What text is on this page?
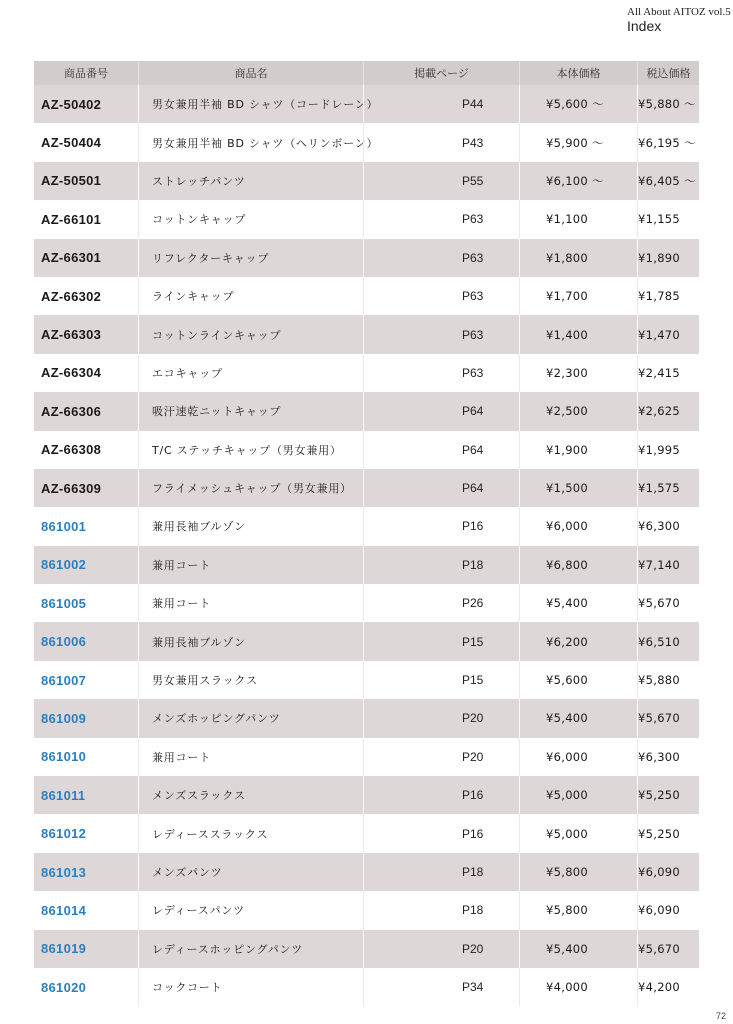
All About AITOZ vol.5
Index
商品番号	商品名	掲載ページ	本体価格	税込価格
AZ-50402	男女兼用半袖 BD シャツ（コードレーン）	P44	¥5,600 ～	¥5,880 ～
AZ-50404	男女兼用半袖 BD シャツ（ヘリンボーン）	P43	¥5,900 ～	¥6,195 ～
AZ-50501	ストレッチパンツ	P55	¥6,100 ～	¥6,405 ～
AZ-66101	コットンキャップ	P63	¥1,100	¥1,155
AZ-66301	リフレクターキャップ	P63	¥1,800	¥1,890
AZ-66302	ラインキャップ	P63	¥1,700	¥1,785
AZ-66303	コットンラインキャップ	P63	¥1,400	¥1,470
AZ-66304	エコキャップ	P63	¥2,300	¥2,415
AZ-66306	吸汗速乾ニットキャップ	P64	¥2,500	¥2,625
AZ-66308	T/C ステッチキャップ（男女兼用）	P64	¥1,900	¥1,995
AZ-66309	フライメッシュキャップ（男女兼用）	P64	¥1,500	¥1,575
861001	兼用長袖ブルゾン	P16	¥6,000	¥6,300
861002	兼用コート	P18	¥6,800	¥7,140
861005	兼用コート	P26	¥5,400	¥5,670
861006	兼用長袖ブルゾン	P15	¥6,200	¥6,510
861007	男女兼用スラックス	P15	¥5,600	¥5,880
861009	メンズホッピングパンツ	P20	¥5,400	¥5,670
861010	兼用コート	P20	¥6,000	¥6,300
861011	メンズスラックス	P16	¥5,000	¥5,250
861012	レディーススラックス	P16	¥5,000	¥5,250
861013	メンズパンツ	P18	¥5,800	¥6,090
861014	レディースパンツ	P18	¥5,800	¥6,090
861019	レディースホッピングパンツ	P20	¥5,400	¥5,670
861020	コックコート	P34	¥4,000	¥4,200
72
